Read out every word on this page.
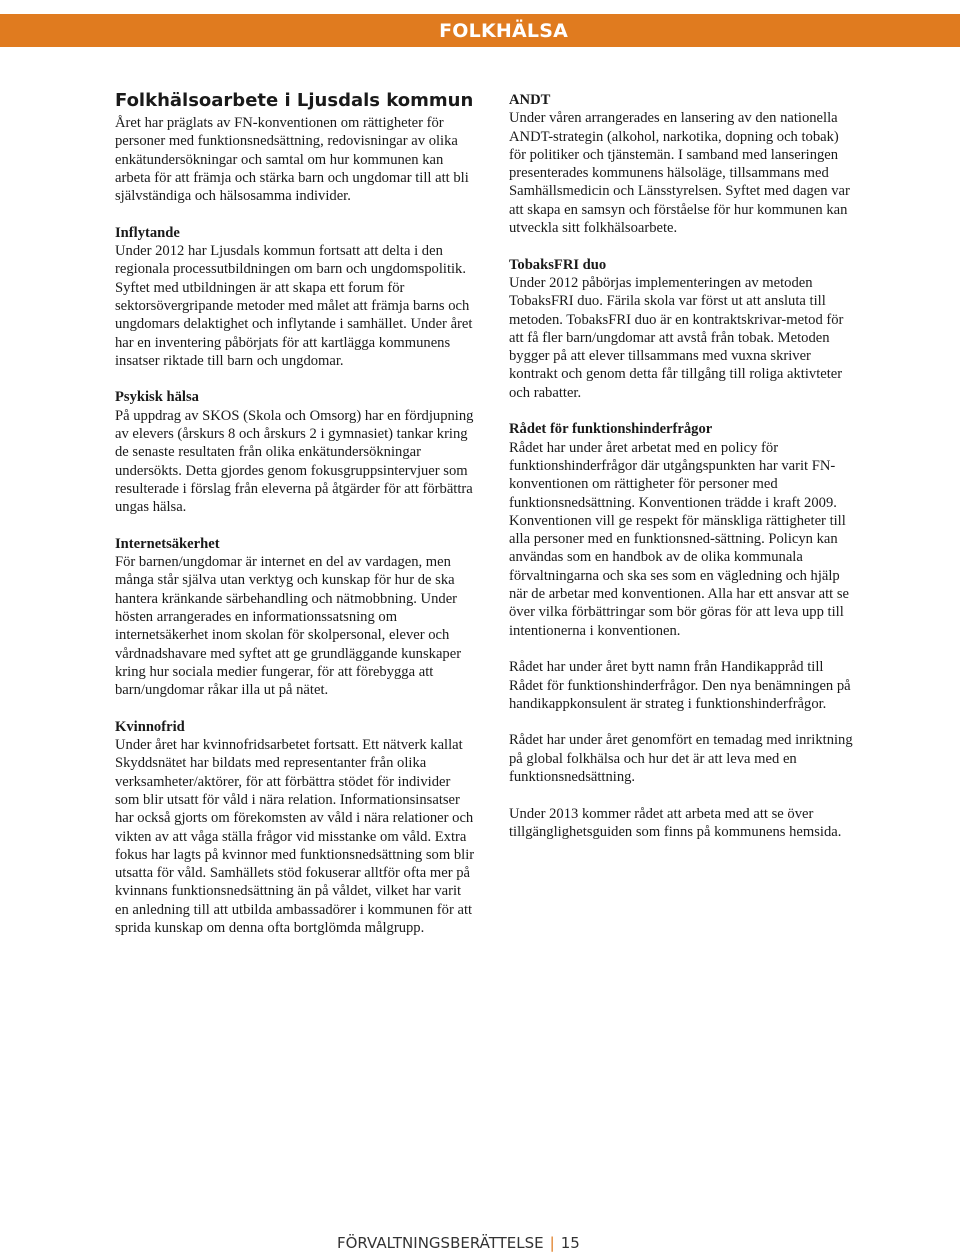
FOLKHÄLSA
Folkhälsoarbete i Ljusdals kommun
Året har präglats av FN-konventionen om rättigheter för personer med funktionsnedsättning, redovisningar av olika enkätundersökningar och samtal om hur kommunen kan arbeta för att främja och stärka barn och ungdomar till att bli självständiga och hälsosamma individer.
Inflytande
Under 2012 har Ljusdals kommun fortsatt att delta i den regionala processutbildningen om barn och ungdomspolitik. Syftet med utbildningen är att skapa ett forum för sektorsövergripande metoder med målet att främja barns och ungdomars delaktighet och inflytande i samhället. Under året har en inventering påbörjats för att kartlägga kommunens insatser riktade till barn och ungdomar.
Psykisk hälsa
På uppdrag av SKOS (Skola och Omsorg) har en fördjupning av elevers (årskurs 8 och årskurs 2 i gymnasiet) tankar kring de senaste resultaten från olika enkätundersökningar undersökts. Detta gjordes genom fokusgruppsintervjuer som resulterade i förslag från eleverna på åtgärder för att förbättra ungas hälsa.
Internetsäkerhet
För barnen/ungdomar är internet en del av vardagen, men många står själva utan verktyg och kunskap för hur de ska hantera kränkande särbehandling och nätmobbning. Under hösten arrangerades en informationssatsning om internetsäkerhet inom skolan för skolpersonal, elever och vårdnadshavare med syftet att ge grundläggande kunskaper kring hur sociala medier fungerar, för att förebygga att barn/ungdomar råkar illa ut på nätet.
Kvinnofrid
Under året har kvinnofridsarbetet fortsatt. Ett nätverk kallat Skyddsnätet har bildats med representanter från olika verksamheter/aktörer, för att förbättra stödet för individer som blir utsatt för våld i nära relation. Informationsinsatser har också gjorts om förekomsten av våld i nära relationer och vikten av att våga ställa frågor vid misstanke om våld. Extra fokus har lagts på kvinnor med funktionsnedsättning som blir utsatta för våld. Samhällets stöd fokuserar alltför ofta mer på kvinnans funktionsnedsättning än på våldet, vilket har varit en anledning till att utbilda ambassadörer i kommunen för att sprida kunskap om denna ofta bortglömda målgrupp.
ANDT
Under våren arrangerades en lansering av den nationella ANDT-strategin (alkohol, narkotika, dopning och tobak) för politiker och tjänstemän. I samband med lanseringen presenterades kommunens hälsoläge, tillsammans med Samhällsmedicin och Länsstyrelsen. Syftet med dagen var att skapa en samsyn och förståelse för hur kommunen kan utveckla sitt folkhälsoarbete.
TobaksFRI duo
Under 2012 påbörjas implementeringen av metoden TobaksFRI duo. Färila skola var först ut att ansluta till metoden. TobaksFRI duo är en kontraktskrivar-metod för att få fler barn/ungdomar att avstå från tobak. Metoden bygger på att elever tillsammans med vuxna skriver kontrakt och genom detta får tillgång till roliga aktivteter och rabatter.
Rådet för funktionshinderfrågor
Rådet har under året arbetat med en policy för funktionshinderfrågor där utgångspunkten har varit FN-konventionen om rättigheter för personer med funktionsnedsättning. Konventionen trädde i kraft 2009. Konventionen vill ge respekt för mänskliga rättigheter till alla personer med en funktionsned-sättning. Policyn kan användas som en handbok av de olika kommunala förvaltningarna och ska ses som en vägledning och hjälp när de arbetar med konventionen. Alla har ett ansvar att se över vilka förbättringar som bör göras för att leva upp till intentionerna i konventionen.
Rådet har under året bytt namn från Handikappråd till Rådet för funktionshinderfrågor. Den nya benämningen på handikappkonsulent är strateg i funktionshinderfrågor.
Rådet har under året genomfört en temadag med inriktning på global folkhälsa och hur det är att leva med en funktionsnedsättning.
Under 2013 kommer rådet att arbeta med att se över tillgänglighetsguiden som finns på kommunens hemsida.
FÖRVALTNINGSBERÄTTELSE | 15
